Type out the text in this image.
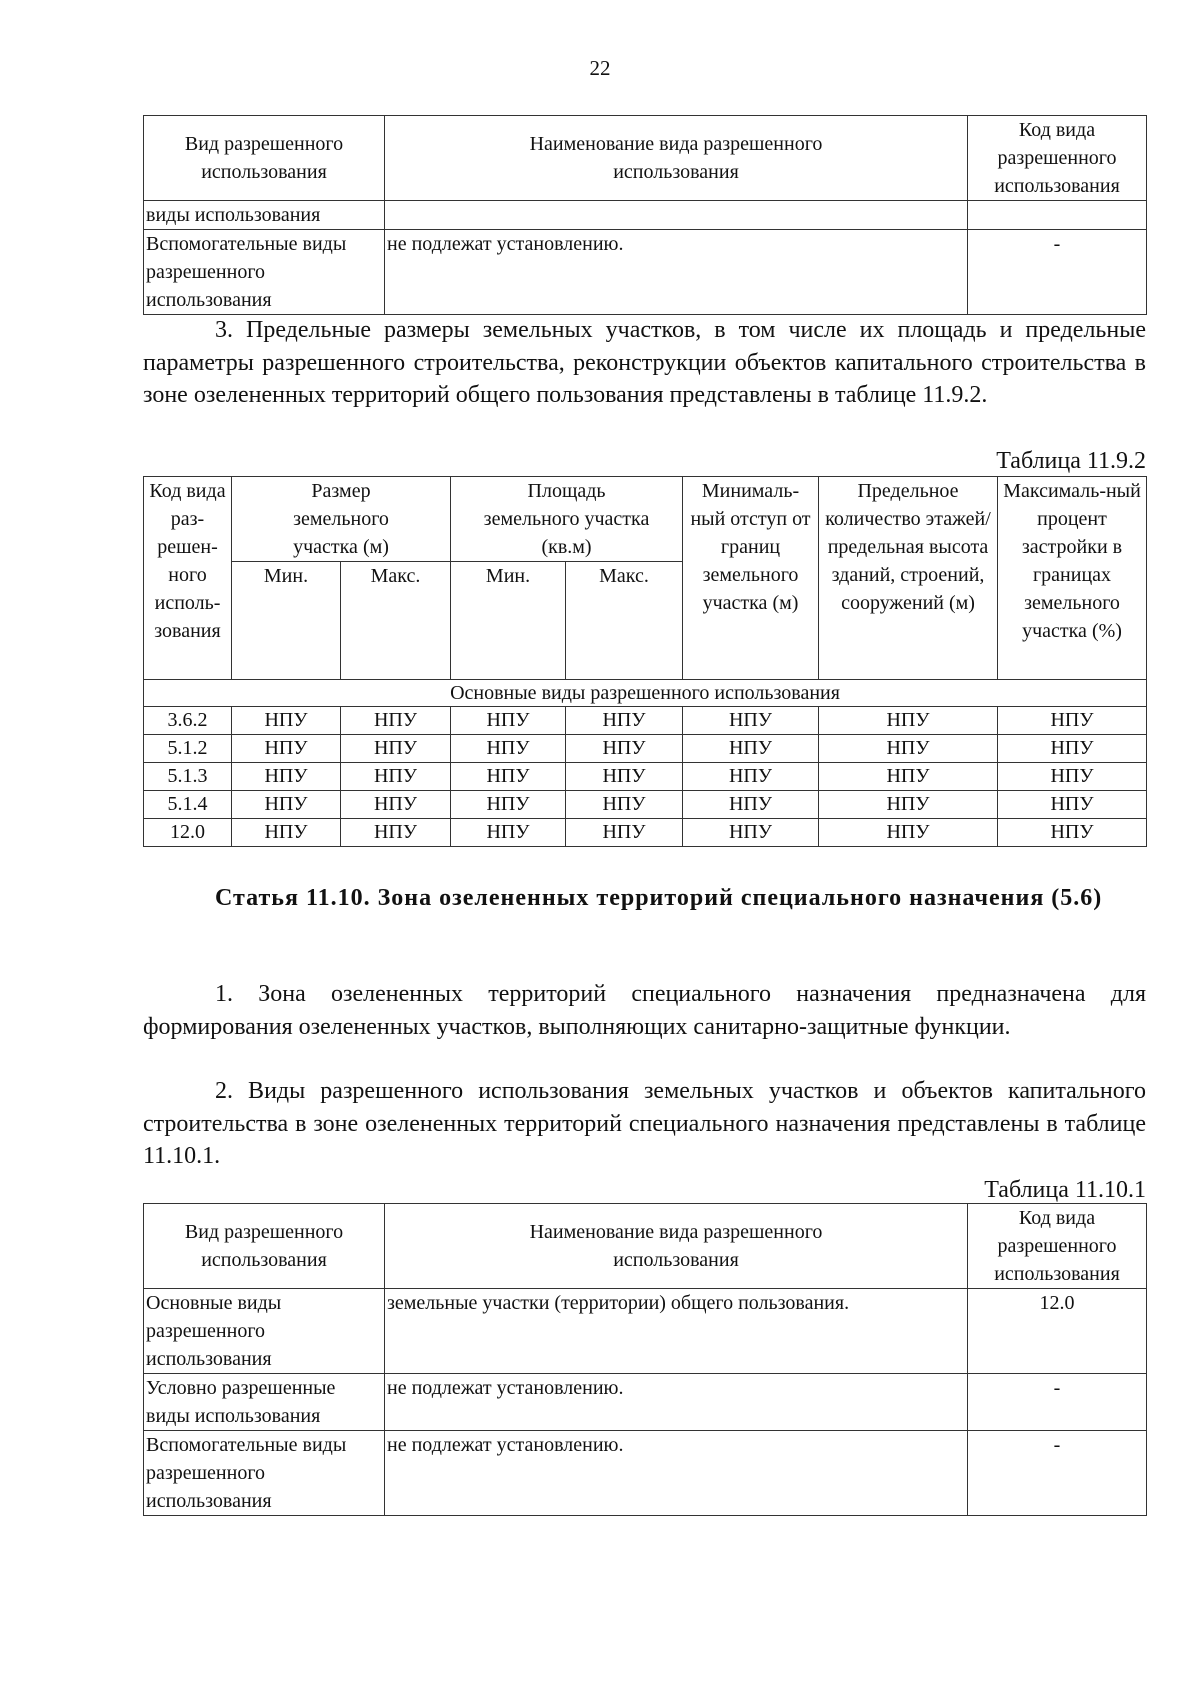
22
Вид разрешенного использования	Наименование вида разрешенного использования	Код вида разрешенного использования
виды использования		
Вспомогательные виды разрешенного использования	не подлежат установлению.	-

3. Предельные размеры земельных участков, в том числе их площадь и предельные параметры разрешенного строительства, реконструкции объектов капитального строительства в зоне озелененных территорий общего пользования представлены в таблице 11.9.2.

Таблица 11.9.2
Код вида раз-решен-ного исполь-зования	Размер земельного участка (м)		Площадь земельного участка (кв.м)		Минималь-ный отступ от границ земельного участка (м)	Предельное количество этажей/ предельная высота зданий, строений, сооружений (м)	Максималь-ный процент застройки в границах земельного участка (%)
	Мин.	Макс.	Мин.	Макс.			
Основные виды разрешенного использования							
3.6.2	НПУ	НПУ	НПУ	НПУ	НПУ	НПУ	НПУ
5.1.2	НПУ	НПУ	НПУ	НПУ	НПУ	НПУ	НПУ
5.1.3	НПУ	НПУ	НПУ	НПУ	НПУ	НПУ	НПУ
5.1.4	НПУ	НПУ	НПУ	НПУ	НПУ	НПУ	НПУ
12.0	НПУ	НПУ	НПУ	НПУ	НПУ	НПУ	НПУ

Статья 11.10. Зона озелененных территорий специального назначения (5.6)

1. Зона озелененных территорий специального назначения предназначена для формирования озелененных участков, выполняющих санитарно-защитные функции.

2. Виды разрешенного использования земельных участков и объектов капитального строительства в зоне озелененных территорий специального назначения представлены в таблице 11.10.1.

Таблица 11.10.1
Вид разрешенного использования	Наименование вида разрешенного использования	Код вида разрешенного использования
Основные виды разрешенного использования	земельные участки (территории) общего пользования.	12.0
Условно разрешенные виды использования	не подлежат установлению.	-
Вспомогательные виды разрешенного использования	не подлежат установлению.	-
